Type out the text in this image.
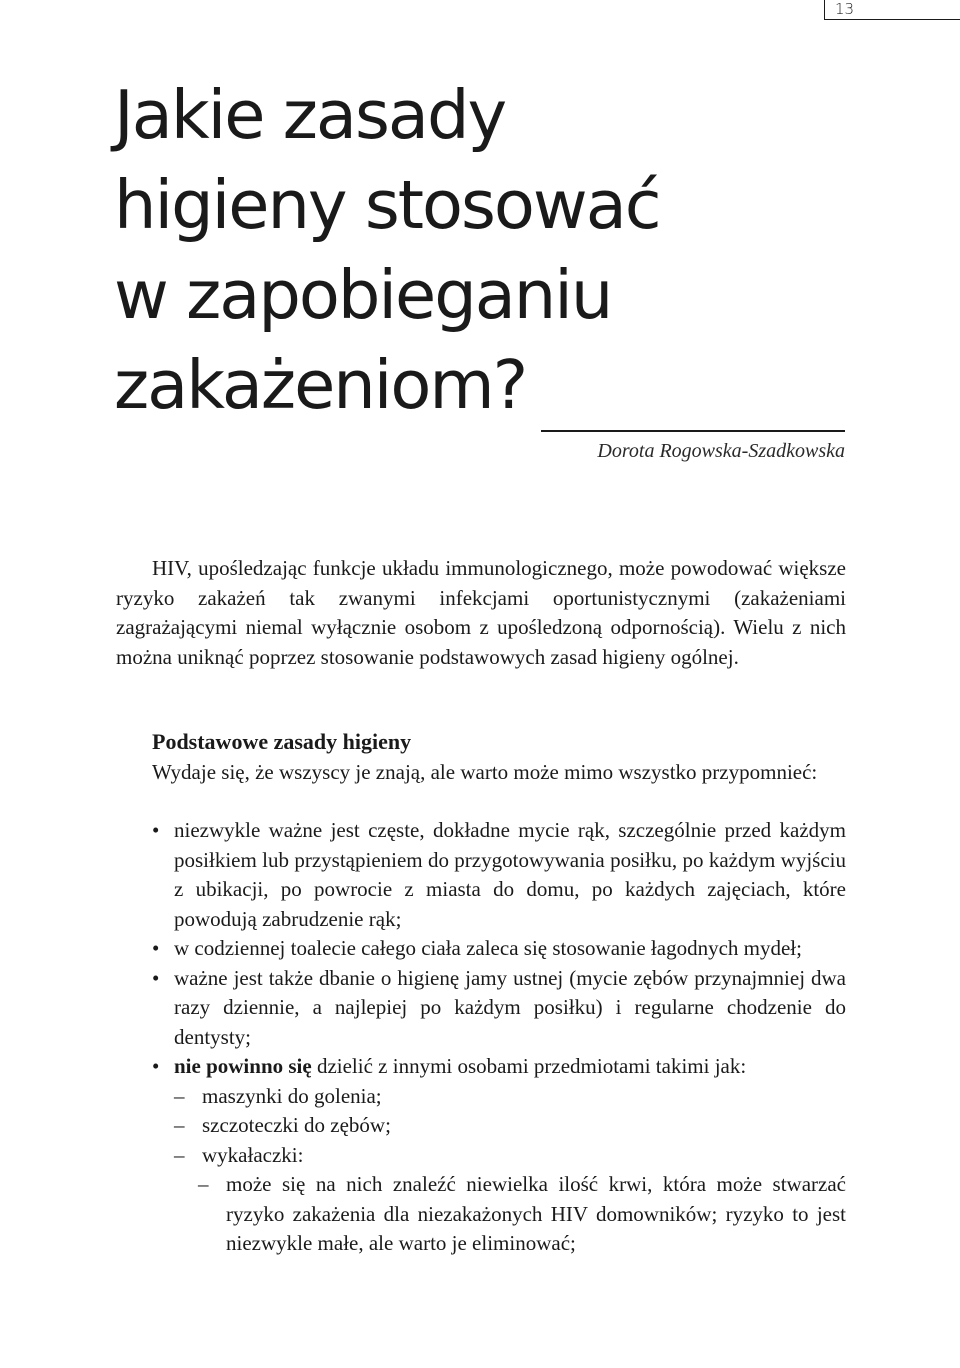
13
Jakie zasady
higieny stosować
w zapobieganiu
zakażeniom?
Dorota Rogowska-Szadkowska

HIV, upośledzając funkcje układu immunologicznego, może powodować większe ryzyko zakażeń tak zwanymi infekcjami oportunistycznymi (zakażeniami zagrażającymi niemal wyłącznie osobom z upośledzoną odpornością). Wielu z nich można uniknąć poprzez stosowanie podstawowych zasad higieny ogólnej.

Podstawowe zasady higieny

Wydaje się, że wszyscy je znają, ale warto może mimo wszystko przypomnieć:

• niezwykle ważne jest częste, dokładne mycie rąk, szczególnie przed każdym posiłkiem lub przystąpieniem do przygotowywania posiłku, po każdym wyjściu z ubikacji, po powrocie z miasta do domu, po każdych zajęciach, które powodują zabrudzenie rąk;
• w codziennej toalecie całego ciała zaleca się stosowanie łagodnych mydeł;
• ważne jest także dbanie o higienę jamy ustnej (mycie zębów przynajmniej dwa razy dziennie, a najlepiej po każdym posiłku) i regularne chodzenie do dentysty;
• nie powinno się dzielić z innymi osobami przedmiotami takimi jak:
– maszynki do golenia;
– szczoteczki do zębów;
– wykałaczki:
– może się na nich znaleźć niewielka ilość krwi, która może stwarzać ryzyko zakażenia dla niezakażonych HIV domowników; ryzyko to jest niezwykle małe, ale warto je eliminować;
